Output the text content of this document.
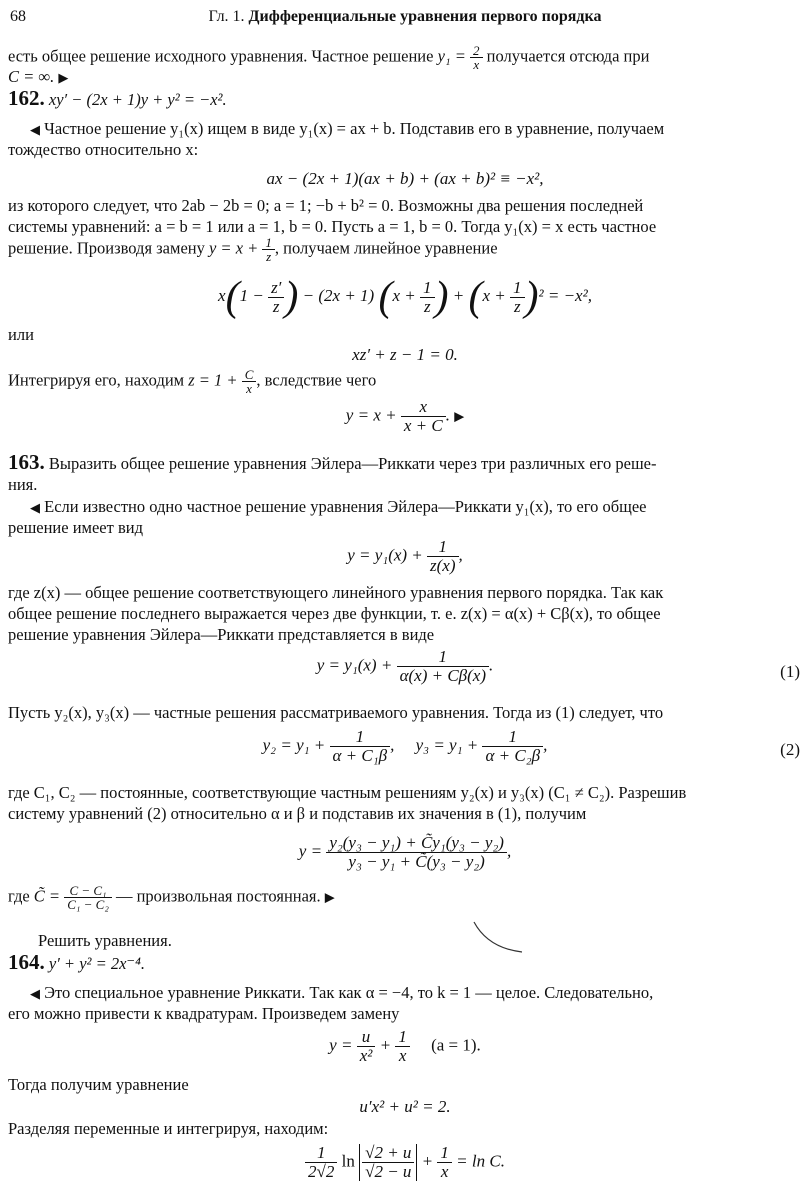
68	Гл. 1. Дифференциальные уравнения первого порядка
есть общее решение исходного уравнения. Частное решение $y_1 = \frac{2}{x}$ получается отсюда при
C = ∞. ▶
162. xy′ − (2x + 1)y + y² = −x².
◀ Частное решение y₁(x) ищем в виде y₁(x) = ax + b. Подставив его в уравнение, получаем
тождество относительно x:
ax − (2x + 1)(ax + b) + (ax + b)² ≡ −x²,
из которого следует, что 2ab − 2b = 0; a = 1; −b + b² = 0. Возможны два решения последней
системы уравнений: a = b = 1 или a = 1, b = 0. Пусть a = 1, b = 0. Тогда y₁(x) = x есть частное
решение. Производя замену $y = x + \frac{1}{z}$ , получаем линейное уравнение
$x(1 - \frac{z'}{z}$ ) − (2x + 1) ($x + \frac{1}{z}$ ) + $(x + \frac{1}{z} )^2 = -x^2$,
или
xz′ + z − 1 = 0.
Интегрируя его, находим $z = 1 + \frac{C}{x}$ , вследствие чего
$y = x + \frac{x}{x + C}$ . ▶
163. Выразить общее решение уравнения Эйлера—Риккати через три различных его реше-
ния.
◀ Если известно одно частное решение уравнения Эйлера—Риккати y₁(x), то его общее
решение имеет вид
$y = y_1(x) + \frac{1}{z(x)}$ ,
где z(x) — общее решение соответствующего линейного уравнения первого порядка. Так как
общее решение последнего выражается через две функции, т. е. z(x) = α(x) + Cβ(x), то общее
решение уравнения Эйлера—Риккати представляется в виде
$y = y_1(x) + \frac{1}{\alpha(x) + C\beta(x)}$ .	(1)
Пусть y₂(x), y₃(x) — частные решения рассматриваемого уравнения. Тогда из (1) следует, что
$y_2 = y_1 + \frac{1}{\text{α + C₁β}}$ ,     $y_3 = y_1 + \frac{1}{\text{α + C₂β}}$ ,	(2)
где C₁, C₂ — постоянные, соответствующие частным решениям y₂(x) и y₃(x) (C₁ ≠ C₂). Разрешив
систему уравнений (2) относительно α и β и подставив их значения в (1), получим
$y = \frac{\text{y₂(y₃ − y₁) + C̃y₁(y₃ − y₂)}}{\text{y₃ − y₁ + C̃(y₃ − y₂)}}$ ,
где C̃ = $\frac{\text{C − C₁}}{\text{C₁ − C₂}}$ — произвольная постоянная. ▶
Решить уравнения.
164. y′ + y² = 2x⁻⁴.
◀ Это специальное уравнение Риккати. Так как α = −4, то k = 1 — целое. Следовательно,
его можно привести к квадратурам. Произведем замену
$y = \frac{u}{\text{x²}} + \frac{1}{x} (a = 1)$.
Тогда получим уравнение
u′x² + u² = 2.
Разделяя переменные и интегрируя, находим:
$\frac{1}{2√2}$ $\ln \frac{√2 + u}{√2 - u} + \frac{1}{x} = \ln C$.
